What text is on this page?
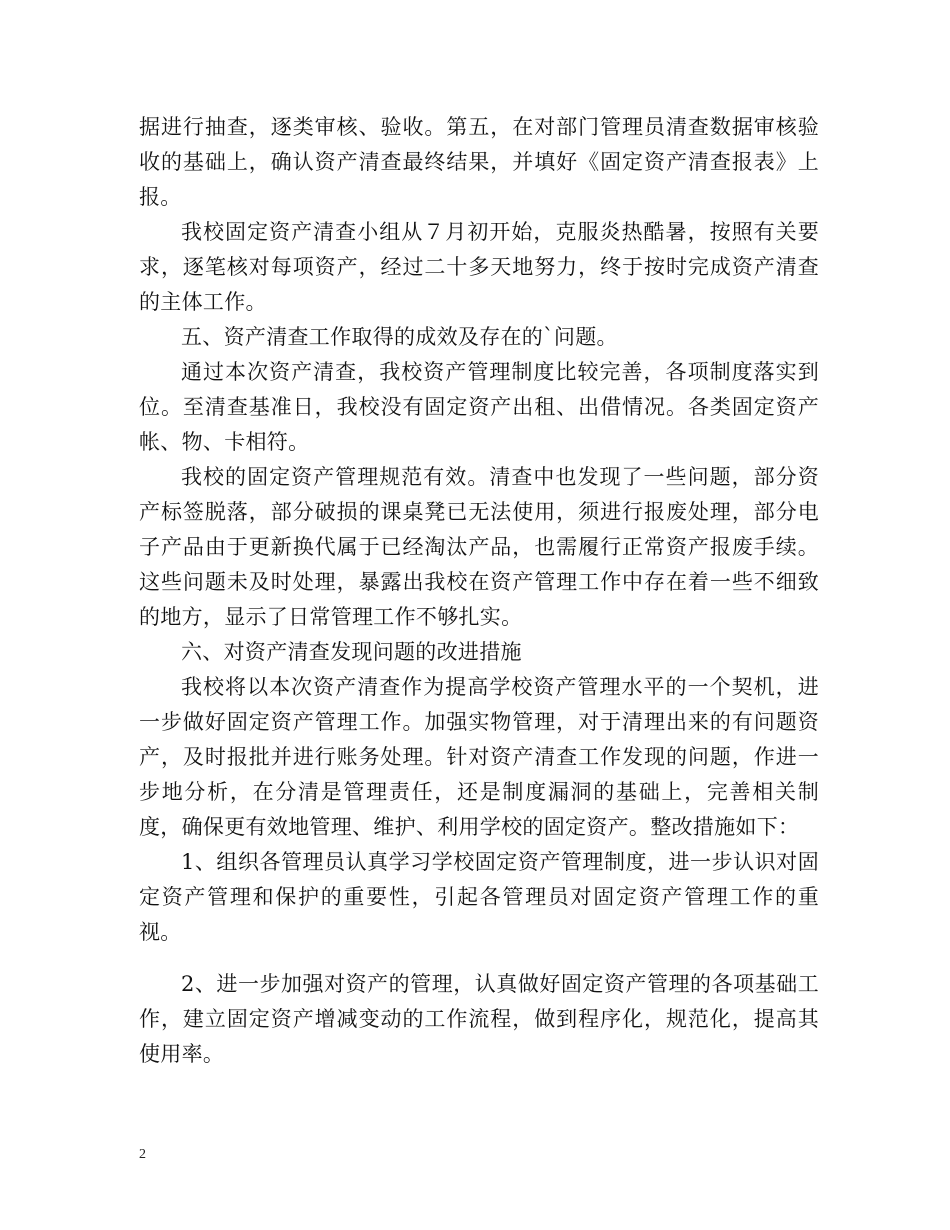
据进行抽查，逐类审核、验收。第五，在对部门管理员清查数据审核验收的基础上，确认资产清查最终结果，并填好《固定资产清查报表》上报。

我校固定资产清查小组从７月初开始，克服炎热酷暑，按照有关要求，逐笔核对每项资产，经过二十多天地努力，终于按时完成资产清查的主体工作。

五、资产清查工作取得的成效及存在的`问题。

通过本次资产清查，我校资产管理制度比较完善，各项制度落实到位。至清查基准日，我校没有固定资产出租、出借情况。各类固定资产帐、物、卡相符。

我校的固定资产管理规范有效。清查中也发现了一些问题，部分资产标签脱落，部分破损的课桌凳已无法使用，须进行报废处理，部分电子产品由于更新换代属于已经淘汰产品，也需履行正常资产报废手续。这些问题未及时处理，暴露出我校在资产管理工作中存在着一些不细致的地方，显示了日常管理工作不够扎实。

六、对资产清查发现问题的改进措施

我校将以本次资产清查作为提高学校资产管理水平的一个契机，进一步做好固定资产管理工作。加强实物管理，对于清理出来的有问题资产，及时报批并进行账务处理。针对资产清查工作发现的问题，作进一步地分析，在分清是管理责任，还是制度漏洞的基础上，完善相关制度，确保更有效地管理、维护、利用学校的固定资产。整改措施如下：

1、组织各管理员认真学习学校固定资产管理制度，进一步认识对固定资产管理和保护的重要性，引起各管理员对固定资产管理工作的重视。

2、进一步加强对资产的管理，认真做好固定资产管理的各项基础工作，建立固定资产增减变动的工作流程，做到程序化，规范化，提高其使用率。

2
